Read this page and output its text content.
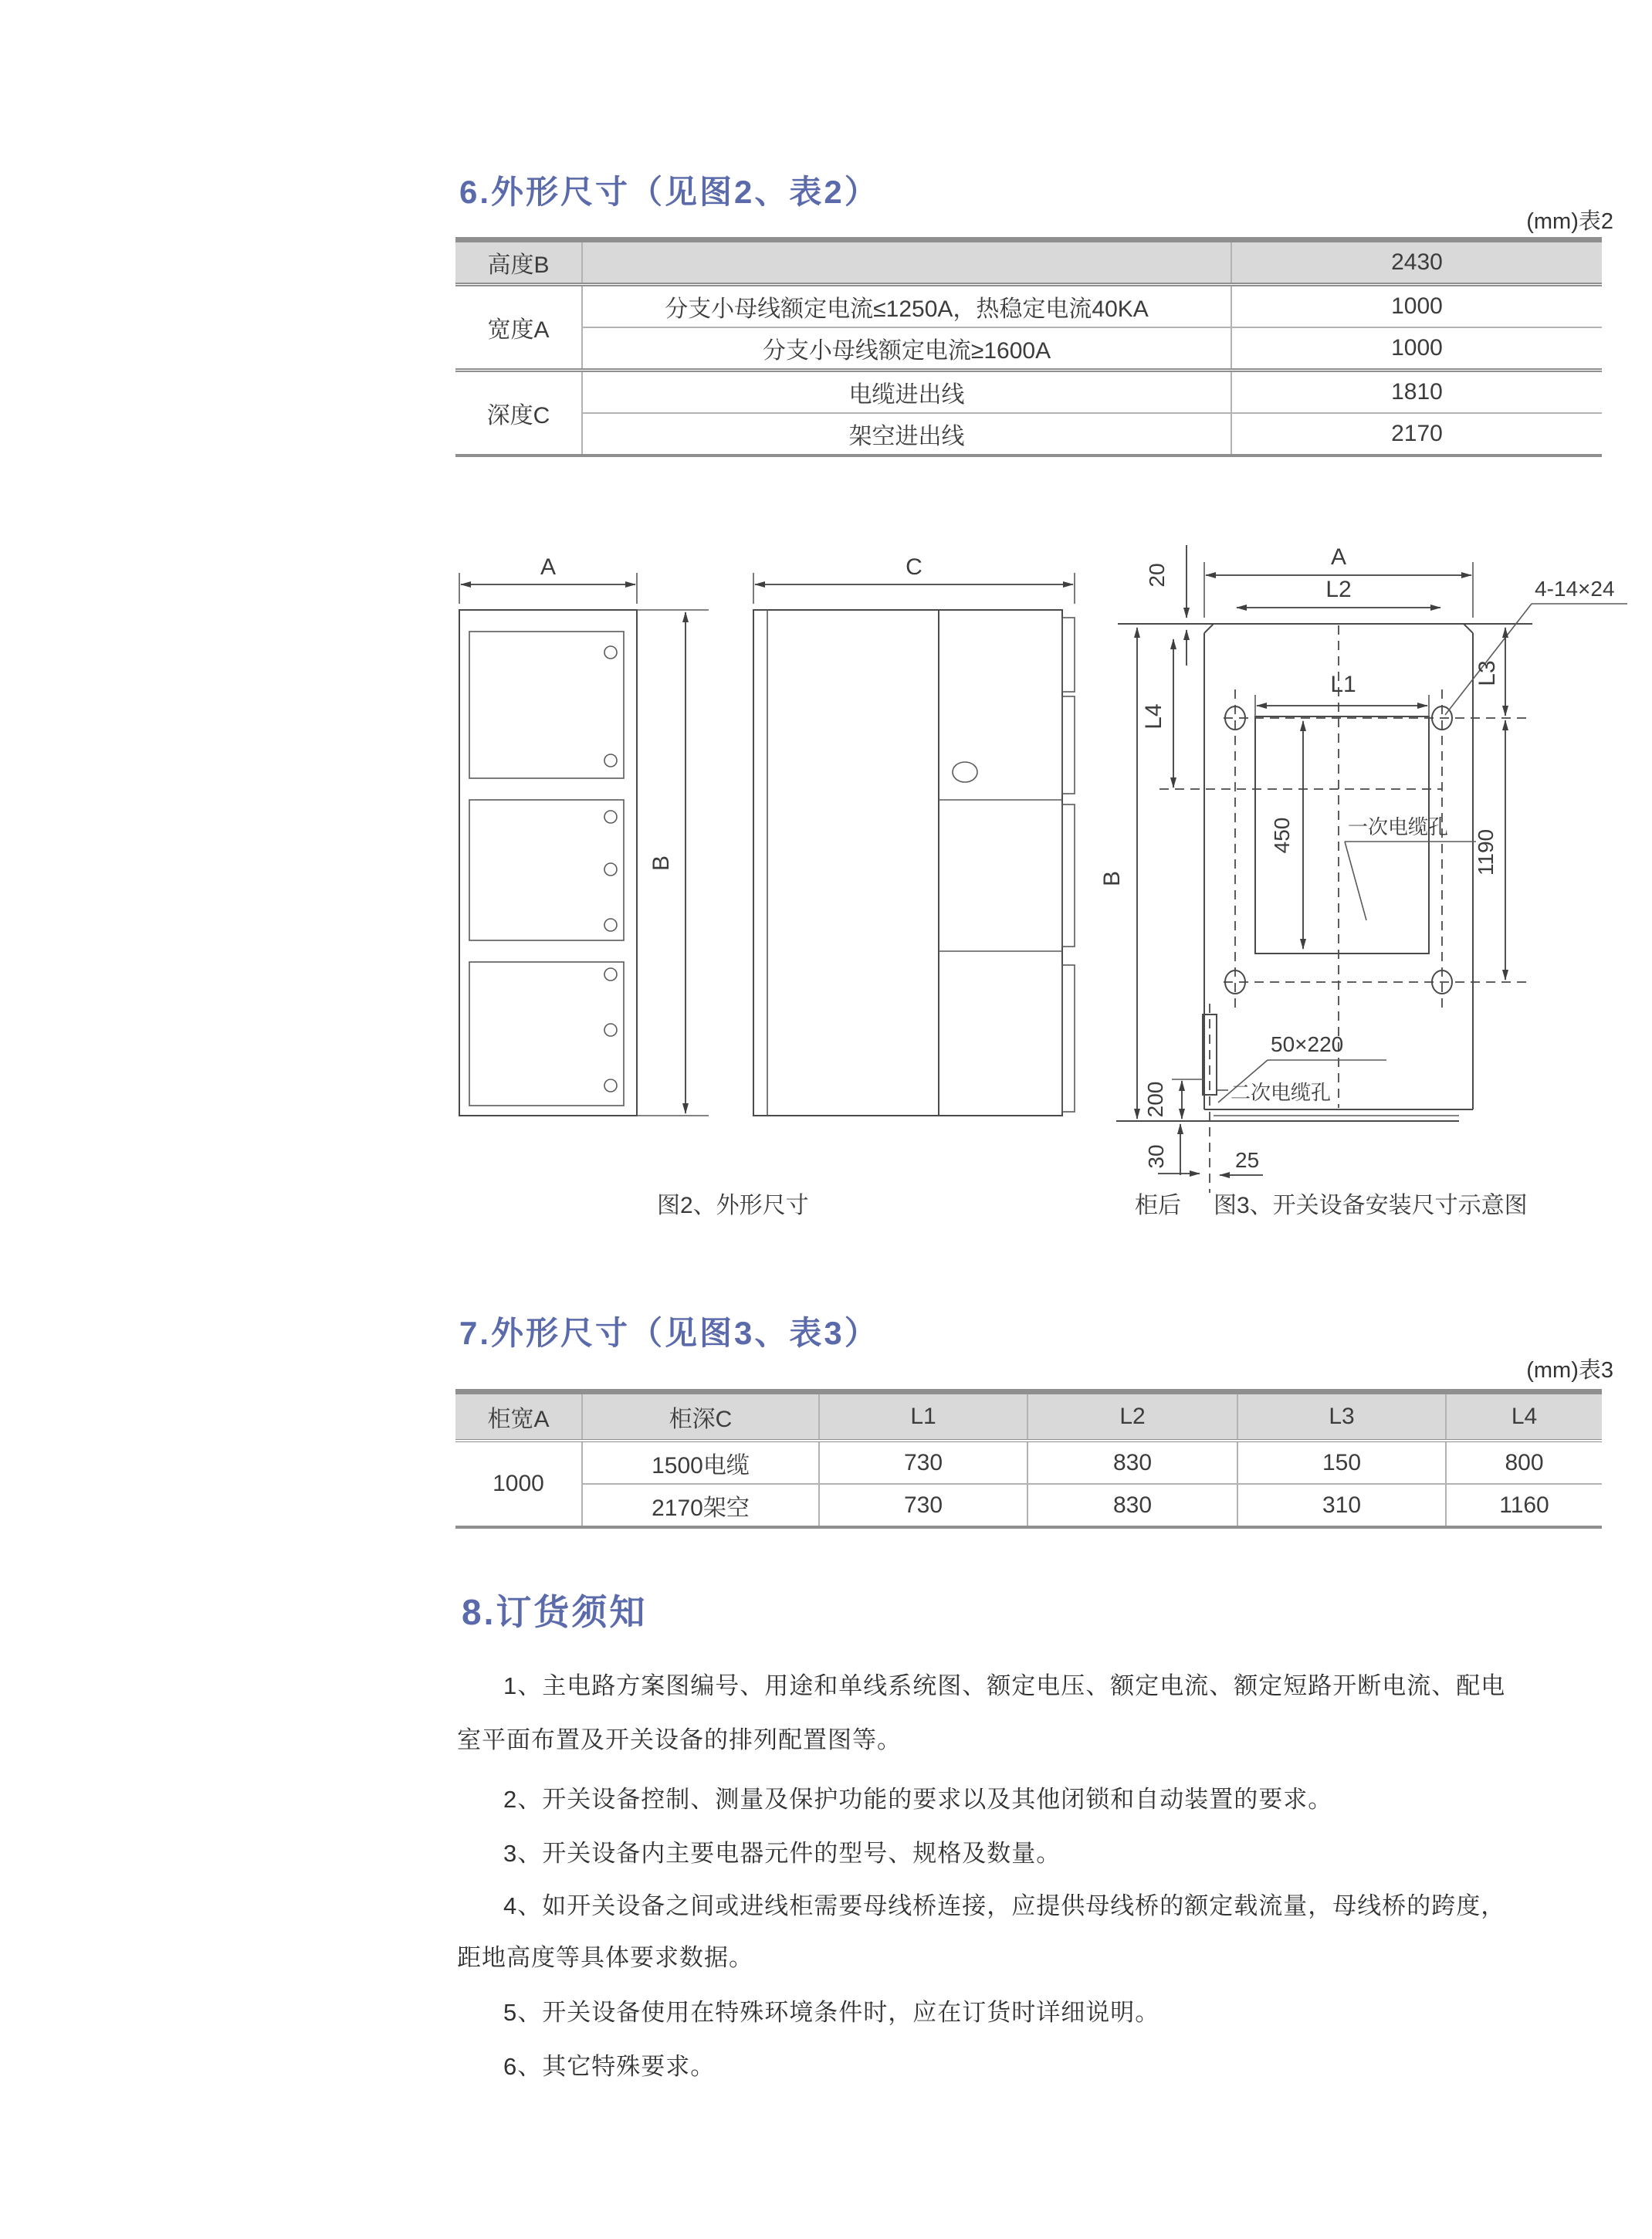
6.外形尺寸（见图2、表2）
(mm)表2
高度B		2430
宽度A	分支小母线额定电流≤1250A，热稳定电流40KA	1000
	分支小母线额定电流≥1600A	1000
深度C	电缆进出线	1810
	架空进出线	2170
A
B
C
L1
450	一次电缆孔
A
L2	4-14×24
20
L4
B
L3
1190
50×220
二次电缆孔
200
30	25
图2、外形尺寸	柜后 图3、开关设备安装尺寸示意图
7.外形尺寸（见图3、表3）
(mm)表3
柜宽A	柜深C	L1	L2	L3	L4
1000	1500电缆	730	830	150	800
	2170架空	730	830	310	1160
8.订货须知
1、主电路方案图编号、用途和单线系统图、额定电压、额定电流、额定短路开断电流、配电
室平面布置及开关设备的排列配置图等。
2、开关设备控制、测量及保护功能的要求以及其他闭锁和自动装置的要求。
3、开关设备内主要电器元件的型号、规格及数量。
4、如开关设备之间或进线柜需要母线桥连接，应提供母线桥的额定载流量，母线桥的跨度，
距地高度等具体要求数据。
5、开关设备使用在特殊环境条件时，应在订货时详细说明。
6、其它特殊要求。
